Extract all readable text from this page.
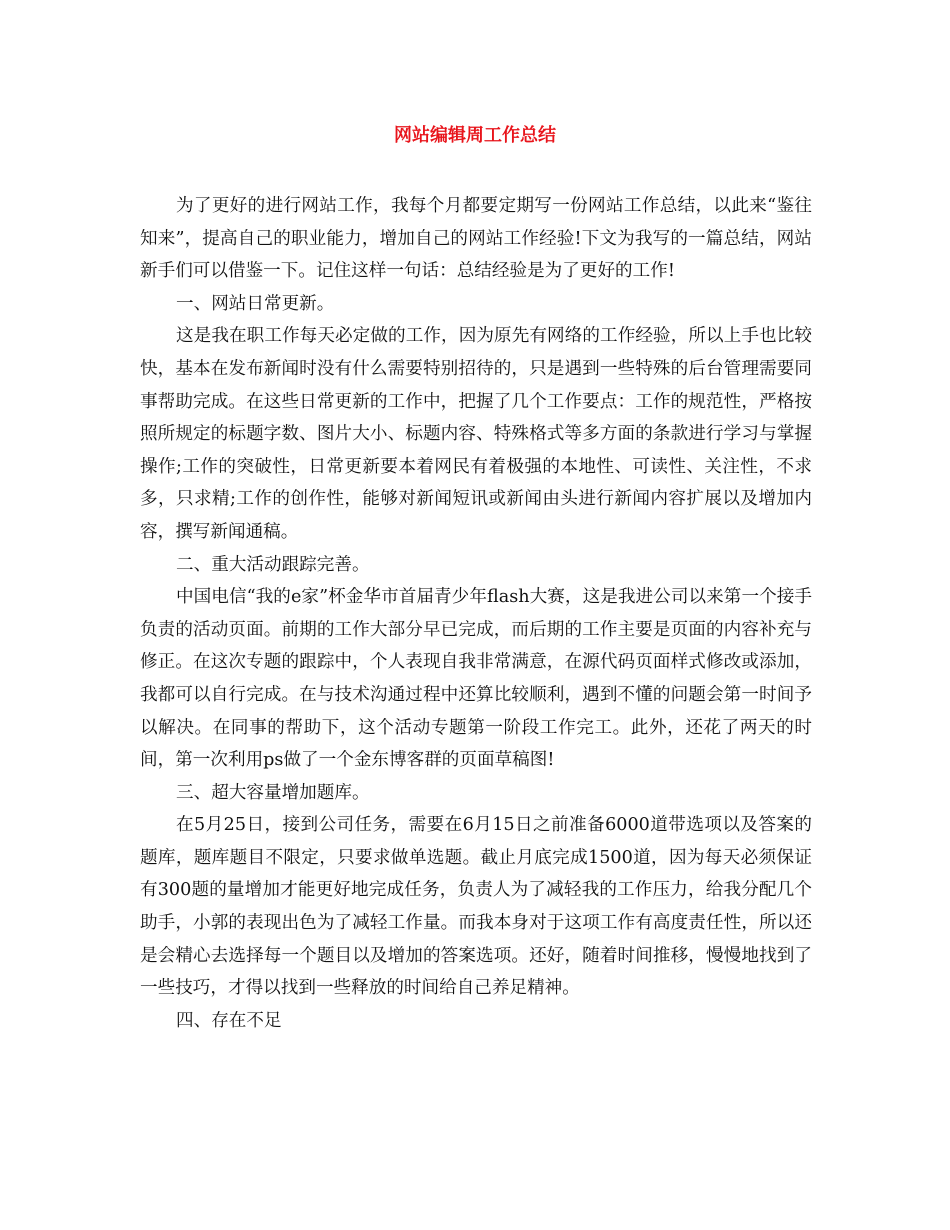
网站编辑周工作总结

为了更好的进行网站工作，我每个月都要定期写一份网站工作总结，以此来“鉴往知来”，提高自己的职业能力，增加自己的网站工作经验!下文为我写的一篇总结，网站新手们可以借鉴一下。记住这样一句话：总结经验是为了更好的工作!

一、网站日常更新。

这是我在职工作每天必定做的工作，因为原先有网络的工作经验，所以上手也比较快，基本在发布新闻时没有什么需要特别招待的，只是遇到一些特殊的后台管理需要同事帮助完成。在这些日常更新的工作中，把握了几个工作要点：工作的规范性，严格按照所规定的标题字数、图片大小、标题内容、特殊格式等多方面的条款进行学习与掌握操作;工作的突破性，日常更新要本着网民有着极强的本地性、可读性、关注性，不求多，只求精;工作的创作性，能够对新闻短讯或新闻由头进行新闻内容扩展以及增加内容，撰写新闻通稿。

二、重大活动跟踪完善。

中国电信“我的e家”杯金华市首届青少年flash大赛，这是我进公司以来第一个接手负责的活动页面。前期的工作大部分早已完成，而后期的工作主要是页面的内容补充与修正。在这次专题的跟踪中，个人表现自我非常满意，在源代码页面样式修改或添加，我都可以自行完成。在与技术沟通过程中还算比较顺利，遇到不懂的问题会第一时间予以解决。在同事的帮助下，这个活动专题第一阶段工作完工。此外，还花了两天的时间，第一次利用ps做了一个金东博客群的页面草稿图!

三、超大容量增加题库。

在5月25日，接到公司任务，需要在6月15日之前准备6000道带选项以及答案的题库，题库题目不限定，只要求做单选题。截止月底完成1500道，因为每天必须保证有300题的量增加才能更好地完成任务，负责人为了减轻我的工作压力，给我分配几个助手，小郭的表现出色为了减轻工作量。而我本身对于这项工作有高度责任性，所以还是会精心去选择每一个题目以及增加的答案选项。还好，随着时间推移，慢慢地找到了一些技巧，才得以找到一些释放的时间给自己养足精神。

四、存在不足
